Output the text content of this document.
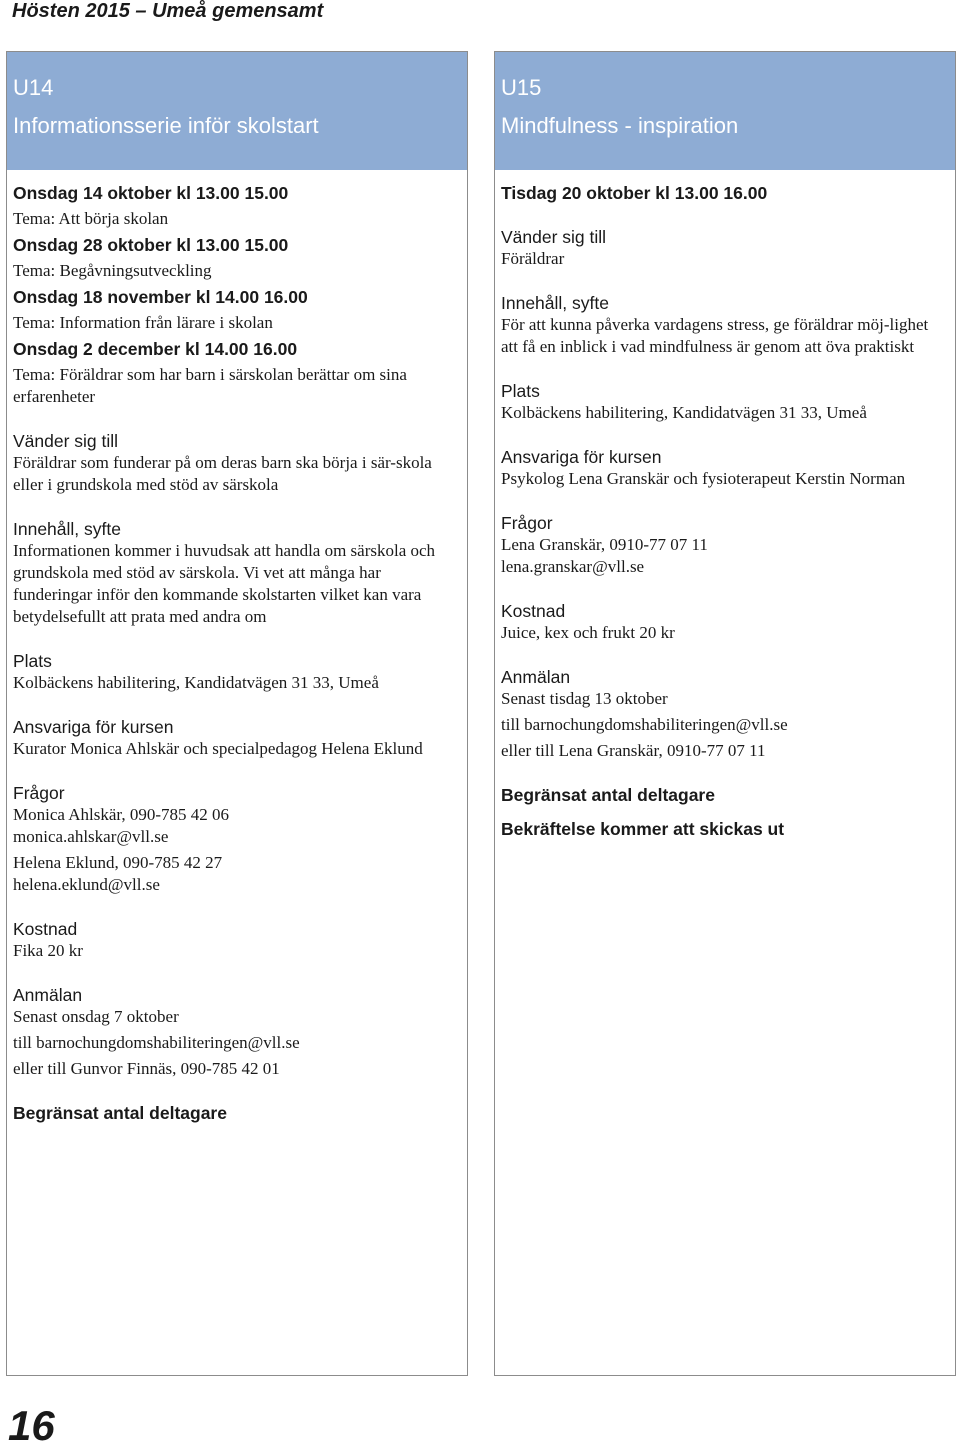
Hösten 2015 – Umeå gemensamt
U14
Informationsserie inför skolstart

Onsdag 14 oktober kl 13.00 15.00

Tema: Att börja skolan

Onsdag 28 oktober kl 13.00 15.00

Tema: Begåvningsutveckling

Onsdag 18 november kl 14.00 16.00

Tema: Information från lärare i skolan

Onsdag 2 december kl 14.00 16.00

Tema: Föräldrar som har barn i särskolan berättar om sina erfarenheter

Vänder sig till

Föräldrar som funderar på om deras barn ska börja i sär-skola eller i grundskola med stöd av särskola

Innehåll, syfte

Informationen kommer i huvudsak att handla om särskola och grundskola med stöd av särskola. Vi vet att många har funderingar inför den kommande skolstarten vilket kan vara betydelsefullt att prata med andra om

Plats

Kolbäckens habilitering, Kandidatvägen 31 33, Umeå

Ansvariga för kursen

Kurator Monica Ahlskär och specialpedagog Helena Eklund

Frågor

Monica Ahlskär, 090-785 42 06

monica.ahlskar@vll.se

Helena Eklund, 090-785 42 27

helena.eklund@vll.se

Kostnad

Fika 20 kr

Anmälan

Senast onsdag 7 oktober

till barnochungdomshabiliteringen@vll.se

eller till Gunvor Finnäs, 090-785 42 01

Begränsat antal deltagare

U15
Mindfulness - inspiration

Tisdag 20 oktober kl 13.00 16.00

Vänder sig till

Föräldrar

Innehåll, syfte

För att kunna påverka vardagens stress, ge föräldrar möj-lighet att få en inblick i vad mindfulness är genom att öva praktiskt

Plats

Kolbäckens habilitering, Kandidatvägen 31 33, Umeå

Ansvariga för kursen

Psykolog Lena Granskär och fysioterapeut Kerstin Norman

Frågor

Lena Granskär, 0910-77 07 11

lena.granskar@vll.se

Kostnad

Juice, kex och frukt 20 kr

Anmälan

Senast tisdag 13 oktober

till barnochungdomshabiliteringen@vll.se

eller till Lena Granskär, 0910-77 07 11

Begränsat antal deltagare

Bekräftelse kommer att skickas ut

16
